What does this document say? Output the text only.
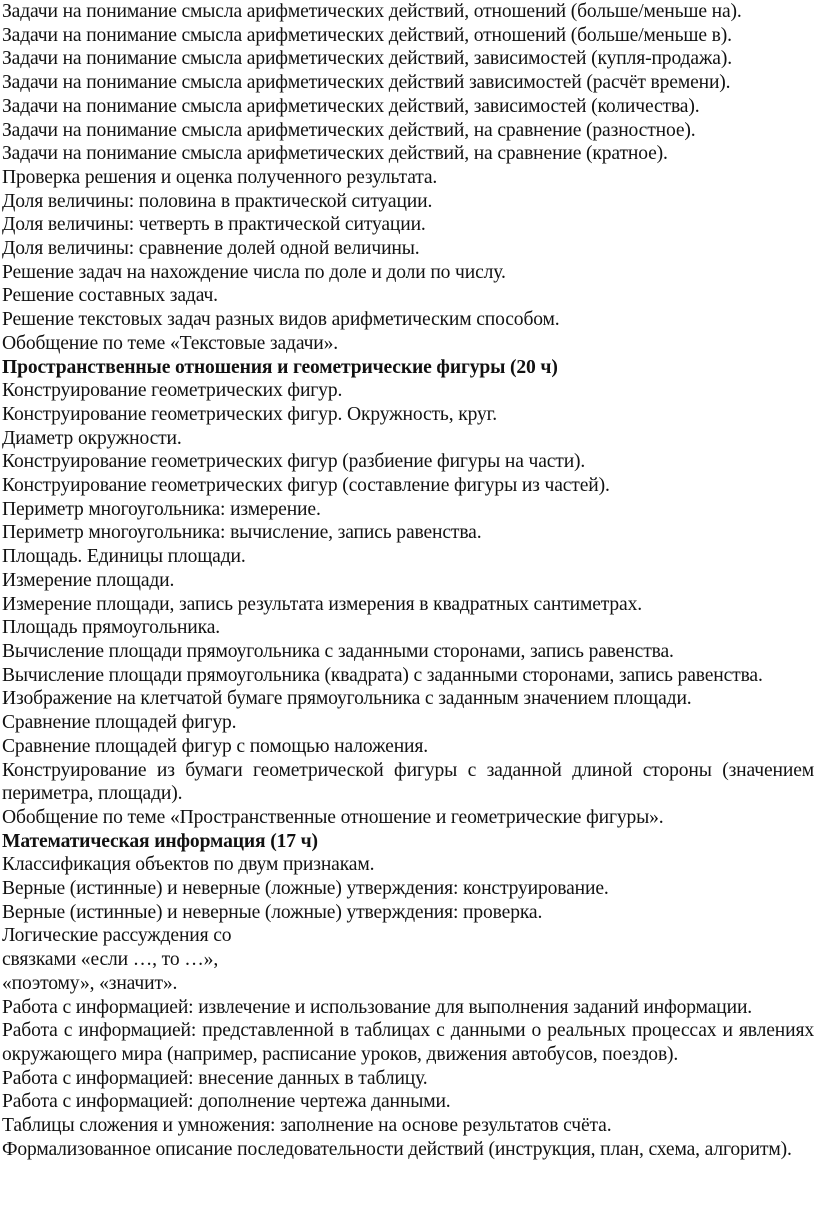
Задачи на понимание смысла арифметических действий, отношений (больше/меньше на).

Задачи на понимание смысла арифметических действий, отношений (больше/меньше в).

Задачи на понимание смысла арифметических действий, зависимостей (купля-продажа).

Задачи на понимание смысла арифметических действий зависимостей (расчёт времени).

Задачи на понимание смысла арифметических действий, зависимостей (количества).

Задачи на понимание смысла арифметических действий, на сравнение (разностное).

Задачи на понимание смысла арифметических действий, на сравнение (кратное).

Проверка решения и оценка полученного результата.

Доля величины: половина в практической ситуации.

Доля величины: четверть в практической ситуации.

Доля величины: сравнение долей одной величины.

Решение задач на нахождение числа по доле и доли по числу.

Решение составных задач.

Решение текстовых задач разных видов арифметическим способом.

Обобщение по теме «Текстовые задачи».

Пространственные отношения и геометрические фигуры (20 ч)

Конструирование геометрических фигур.

Конструирование геометрических фигур. Окружность, круг.

Диаметр окружности.

Конструирование геометрических фигур (разбиение фигуры на части).

Конструирование геометрических фигур (составление фигуры из частей).

Периметр многоугольника: измерение.

Периметр многоугольника: вычисление, запись равенства.

Площадь. Единицы площади.

Измерение площади.

Измерение площади, запись результата измерения в квадратных сантиметрах.

Площадь прямоугольника.

Вычисление площади прямоугольника с заданными сторонами, запись равенства.

Вычисление площади прямоугольника (квадрата) с заданными сторонами, запись равенства.

Изображение на клетчатой бумаге прямоугольника с заданным значением площади.

Сравнение площадей фигур.

Сравнение площадей фигур с помощью наложения.

Конструирование из бумаги геометрической фигуры с заданной длиной стороны (значением периметра, площади).

Обобщение по теме «Пространственные отношение и геометрические фигуры».

Математическая информация (17 ч)

Классификация объектов по двум признакам.

Верные (истинные) и неверные (ложные) утверждения: конструирование.

Верные (истинные) и неверные (ложные) утверждения: проверка.

Логические рассуждения со

связками «если …, то …»,

«поэтому», «значит».

Работа с информацией: извлечение и использование для выполнения заданий информации.

Работа с информацией: представленной в таблицах с данными о реальных процессах и явлениях окружающего мира (например, расписание уроков, движения автобусов, поездов).

Работа с информацией: внесение данных в таблицу.

Работа с информацией: дополнение чертежа данными.

Таблицы сложения и умножения: заполнение на основе результатов счёта.

Формализованное описание последовательности действий (инструкция, план, схема, алгоритм).
